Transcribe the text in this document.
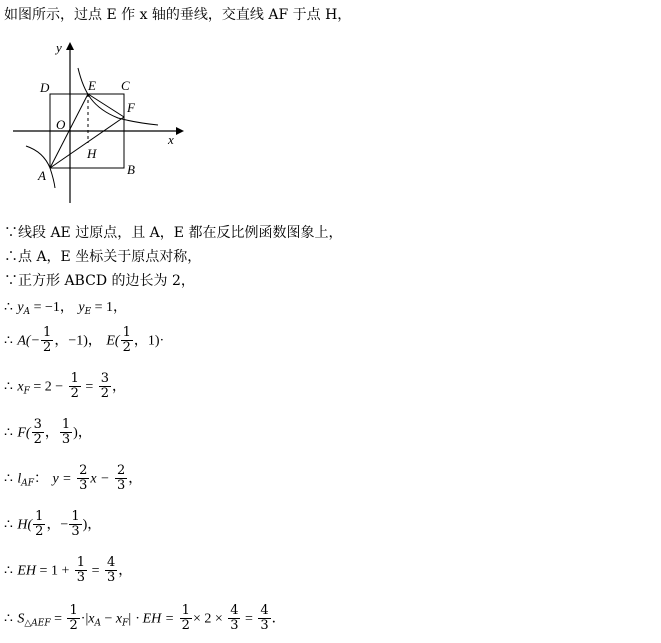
如图所示，过点 E 作 x 轴的垂线，交直线 AF 于点 H，
y
x
D	E C
F
O
H
A	B
∵线段 AE 过原点，且 A，E 都在反比例函数图象上，
∴点 A，E 坐标关于原点对称，
∵正方形 ABCD 的边长为 2，
∴ $y_A = -1$， $y_E = 1$，
∴ $A(- \frac{1}{2}$ ，−1)， $E( \frac{1}{2}$ ，1)·
∴ $x_F = 2 - \frac{1}{2} = \frac{3}{2}$ ，
∴ $F( \frac{3}{2}$ ， $\frac{1}{3}$ )，
∴ $l_{AF}$： $y = \frac{2}{3}$ $x - \frac{2}{3}$ ，
∴ $H( \frac{1}{2}$ ，− $\frac{1}{3}$ )，
∴ EH = $1 + \frac{1}{3} = \frac{4}{3}$ ，
∴ $S_{\triangle AEF} = \frac{1}{2} \cdot|x_A - x_F|$ · EH = $\frac{1}{2} \times 2 \times \frac{4}{3} = \frac{4}{3}$ ．
